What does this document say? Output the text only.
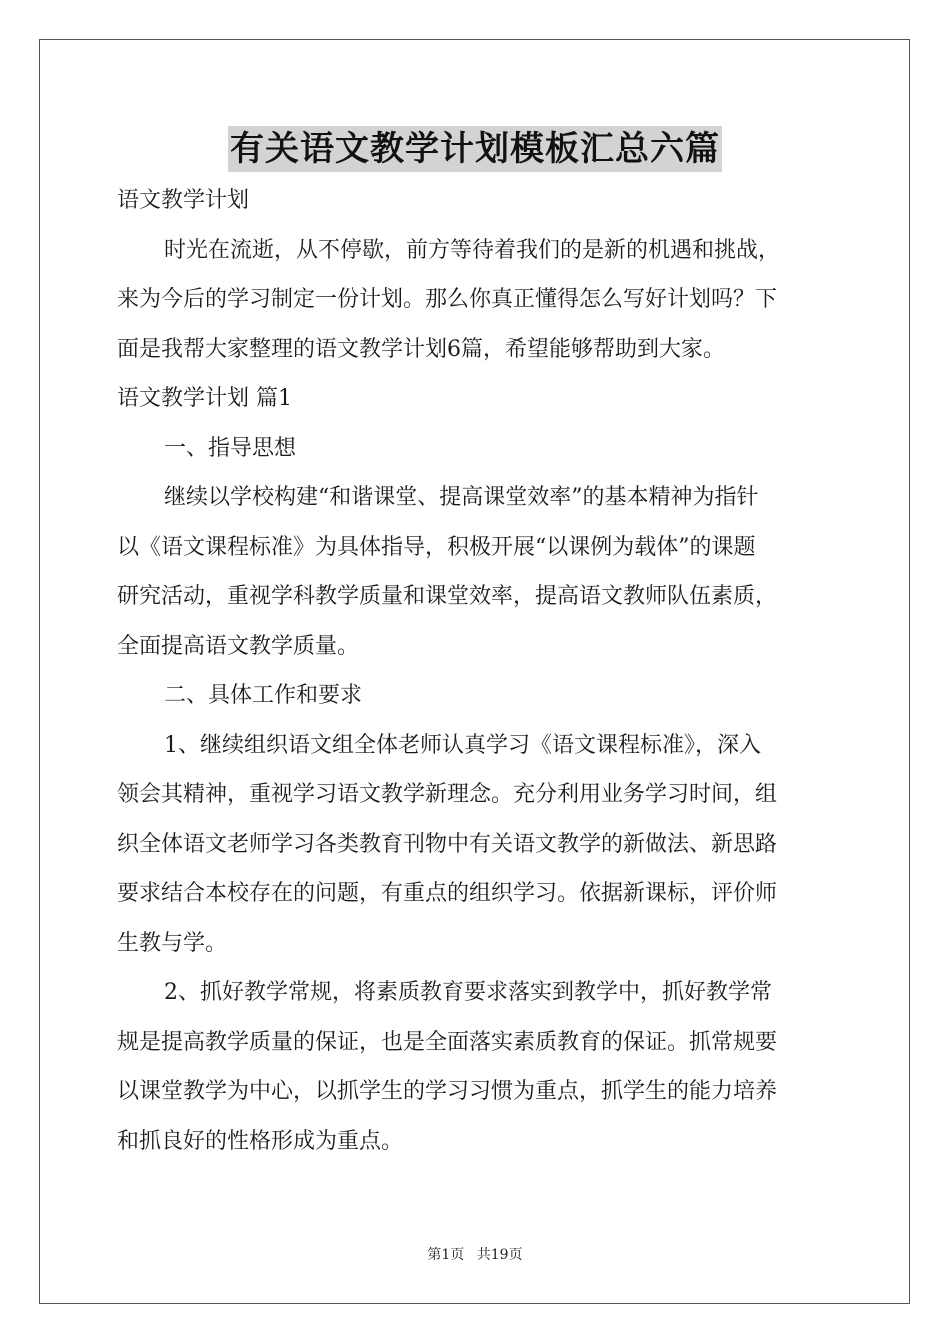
有关语文教学计划模板汇总六篇
语文教学计划
时光在流逝，从不停歇，前方等待着我们的是新的机遇和挑战，
来为今后的学习制定一份计划。那么你真正懂得怎么写好计划吗？下
面是我帮大家整理的语文教学计划6篇，希望能够帮助到大家。
语文教学计划 篇1
一、指导思想
继续以学校构建“和谐课堂、提高课堂效率”的基本精神为指针
以《语文课程标准》为具体指导，积极开展“以课例为载体”的课题
研究活动，重视学科教学质量和课堂效率，提高语文教师队伍素质，
全面提高语文教学质量。
二、具体工作和要求
1、继续组织语文组全体老师认真学习《语文课程标准》，深入
领会其精神，重视学习语文教学新理念。充分利用业务学习时间，组
织全体语文老师学习各类教育刊物中有关语文教学的新做法、新思路
要求结合本校存在的问题，有重点的组织学习。依据新课标，评价师
生教与学。
2、抓好教学常规，将素质教育要求落实到教学中，抓好教学常
规是提高教学质量的保证，也是全面落实素质教育的保证。抓常规要
以课堂教学为中心，以抓学生的学习习惯为重点，抓学生的能力培养
和抓良好的性格形成为重点。
第1页 共19页
